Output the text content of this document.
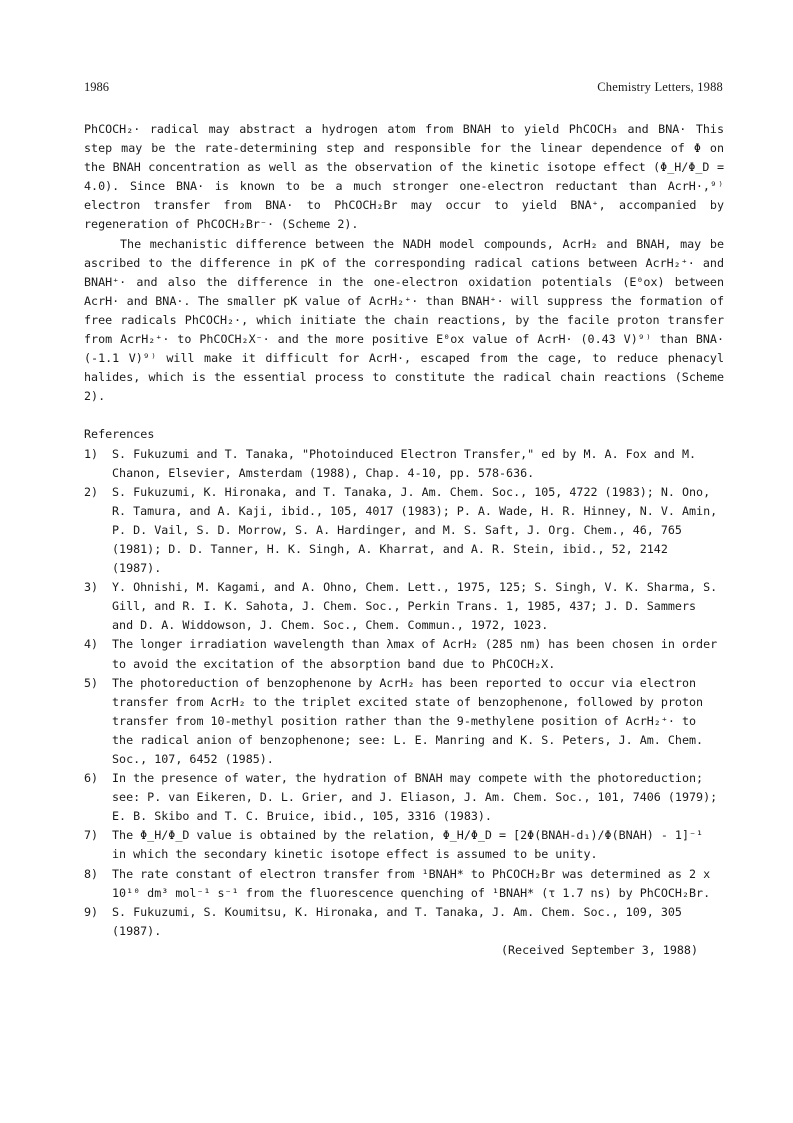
1986	Chemistry Letters, 1988

PhCOCH₂· radical may abstract a hydrogen atom from BNAH to yield PhCOCH₃ and BNA· This step may be the rate-determining step and responsible for the linear dependence of Φ on the BNAH concentration as well as the observation of the kinetic isotope effect (Φ_H/Φ_D = 4.0). Since BNA· is known to be a much stronger one-electron reductant than AcrH·,⁹⁾ electron transfer from BNA· to PhCOCH₂Br may occur to yield BNA⁺, accompanied by regeneration of PhCOCH₂Br⁻· (Scheme 2).

The mechanistic difference between the NADH model compounds, AcrH₂ and BNAH, may be ascribed to the difference in pK of the corresponding radical cations between AcrH₂⁺· and BNAH⁺· and also the difference in the one-electron oxidation potentials (E⁰ox) between AcrH· and BNA·. The smaller pK value of AcrH₂⁺· than BNAH⁺· will suppress the formation of free radicals PhCOCH₂·, which initiate the chain reactions, by the facile proton transfer from AcrH₂⁺· to PhCOCH₂X⁻· and the more positive E⁰ox value of AcrH· (0.43 V)⁹⁾ than BNA· (-1.1 V)⁹⁾ will make it difficult for AcrH·, escaped from the cage, to reduce phenacyl halides, which is the essential process to constitute the radical chain reactions (Scheme 2).

References

1)	S. Fukuzumi and T. Tanaka, "Photoinduced Electron Transfer," ed by M. A. Fox and M. Chanon, Elsevier, Amsterdam (1988), Chap. 4-10, pp. 578-636.
2)	S. Fukuzumi, K. Hironaka, and T. Tanaka, J. Am. Chem. Soc., 105, 4722 (1983); N. Ono, R. Tamura, and A. Kaji, ibid., 105, 4017 (1983); P. A. Wade, H. R. Hinney, N. V. Amin, P. D. Vail, S. D. Morrow, S. A. Hardinger, and M. S. Saft, J. Org. Chem., 46, 765 (1981); D. D. Tanner, H. K. Singh, A. Kharrat, and A. R. Stein, ibid., 52, 2142 (1987).
3)	Y. Ohnishi, M. Kagami, and A. Ohno, Chem. Lett., 1975, 125; S. Singh, V. K. Sharma, S. Gill, and R. I. K. Sahota, J. Chem. Soc., Perkin Trans. 1, 1985, 437; J. D. Sammers and D. A. Widdowson, J. Chem. Soc., Chem. Commun., 1972, 1023.
4)	The longer irradiation wavelength than λmax of AcrH₂ (285 nm) has been chosen in order to avoid the excitation of the absorption band due to PhCOCH₂X.
5)	The photoreduction of benzophenone by AcrH₂ has been reported to occur via electron transfer from AcrH₂ to the triplet excited state of benzophenone, followed by proton transfer from 10-methyl position rather than the 9-methylene position of AcrH₂⁺· to the radical anion of benzophenone; see: L. E. Manring and K. S. Peters, J. Am. Chem. Soc., 107, 6452 (1985).
6)	In the presence of water, the hydration of BNAH may compete with the photoreduction; see: P. van Eikeren, D. L. Grier, and J. Eliason, J. Am. Chem. Soc., 101, 7406 (1979); E. B. Skibo and T. C. Bruice, ibid., 105, 3316 (1983).
7)	The Φ_H/Φ_D value is obtained by the relation, Φ_H/Φ_D = [2Φ(BNAH-d₁)/Φ(BNAH) - 1]⁻¹ in which the secondary kinetic isotope effect is assumed to be unity.
8)	The rate constant of electron transfer from ¹BNAH* to PhCOCH₂Br was determined as 2 x 10¹⁰ dm³ mol⁻¹ s⁻¹ from the fluorescence quenching of ¹BNAH* (τ 1.7 ns) by PhCOCH₂Br.
9)	S. Fukuzumi, S. Koumitsu, K. Hironaka, and T. Tanaka, J. Am. Chem. Soc., 109, 305 (1987).

(Received September 3, 1988)
